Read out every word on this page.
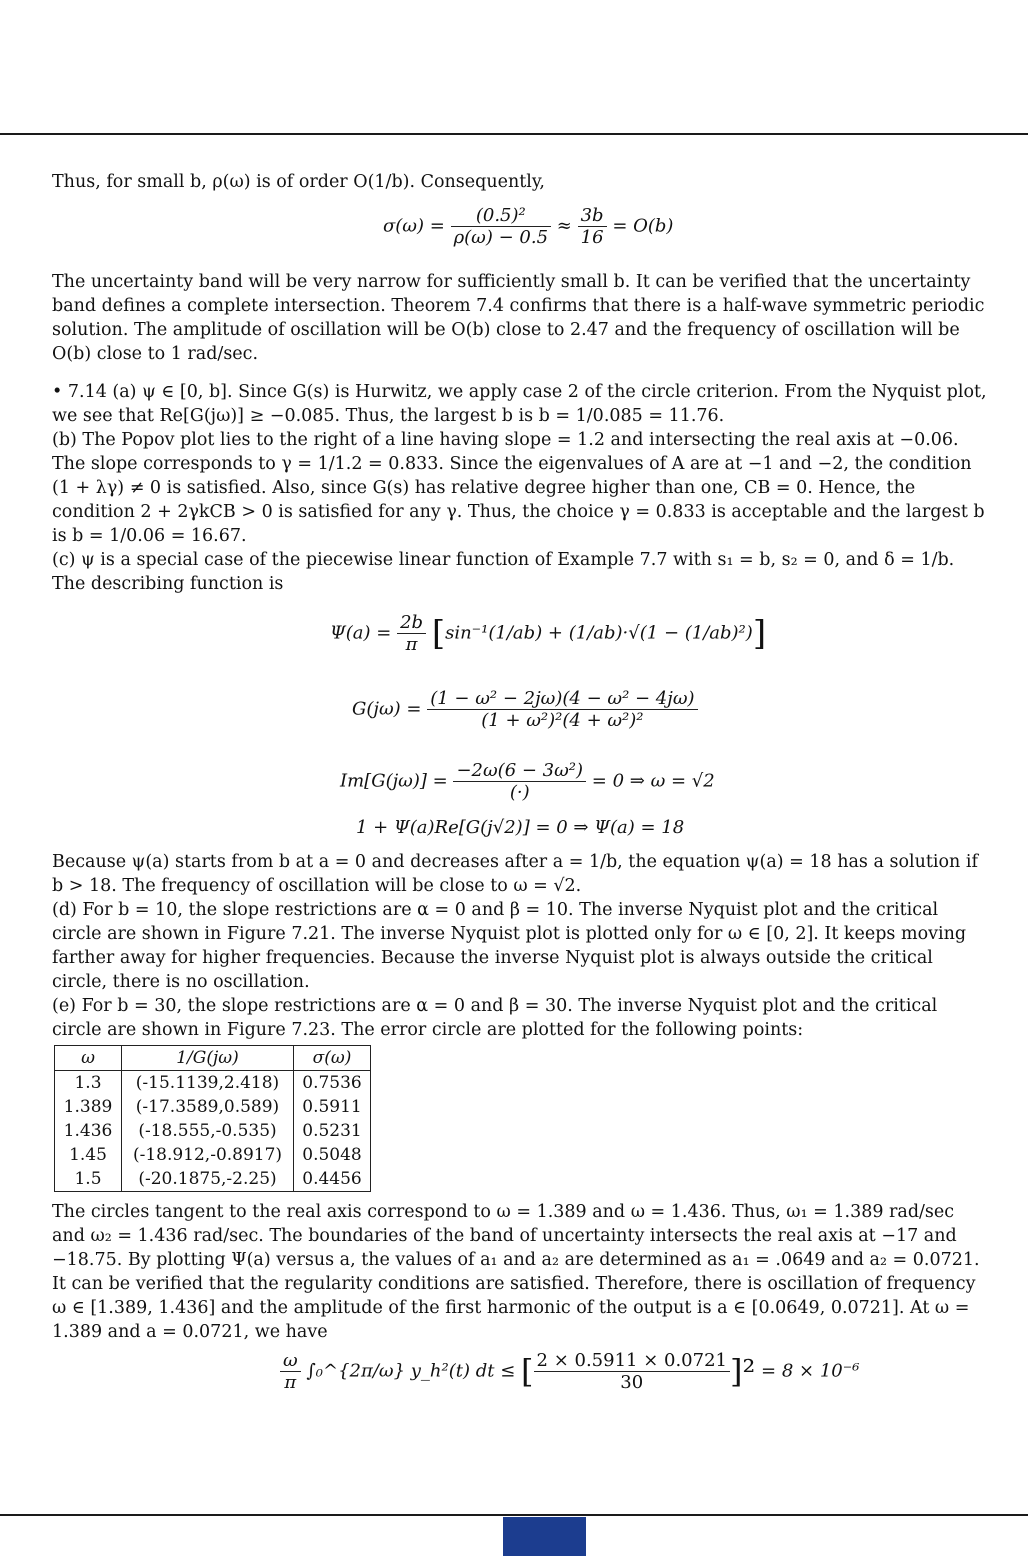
Thus, for small b, ρ(ω) is of order O(1/b). Consequently,

$\sigma(\omega) = \frac{\text{(0.5)²}}{\rho(\omega) - 0.5} \approx \frac{3b}{16} = O(b)$

The uncertainty band will be very narrow for sufficiently small b. It can be verified that the uncertainty band defines a complete intersection. Theorem 7.4 confirms that there is a half-wave symmetric periodic solution. The amplitude of oscillation will be O(b) close to 2.47 and the frequency of oscillation will be O(b) close to 1 rad/sec.

• 7.14 (a) ψ ∈ [0, b]. Since G(s) is Hurwitz, we apply case 2 of the circle criterion. From the Nyquist plot, we see that Re[G(jω)] ≥ −0.085. Thus, the largest b is b = 1/0.085 = 11.76.

(b) The Popov plot lies to the right of a line having slope = 1.2 and intersecting the real axis at −0.06. The slope corresponds to γ = 1/1.2 = 0.833. Since the eigenvalues of A are at −1 and −2, the condition (1 + λγ) ≠ 0 is satisfied. Also, since G(s) has relative degree higher than one, CB = 0. Hence, the condition 2 + 2γkCB > 0 is satisfied for any γ. Thus, the choice γ = 0.833 is acceptable and the largest b is b = 1/0.06 = 16.67.

(c) ψ is a special case of the piecewise linear function of Example 7.7 with s₁ = b, s₂ = 0, and δ = 1/b. The describing function is

$\Psi(a) = \frac{2b}{\pi} [\sin^{-1}(1/ab) + (1/ab)\cdot√(1 - (1/ab)^2)]$
$G(j\omega) = \frac{\text{(1 − ω² − 2jω)(4 − ω² − 4jω)}}{\text{(1 + ω²)²(4 + ω²)²}}$
$Im[G(j\omega)] = \frac{\text{−2ω(6 − 3ω²)}}{(\cdot)} = 0$ ⇒ ω = √2
1 + Ψ(a)Re[G(j√2)] = 0 ⇒ Ψ(a) = 18

Because ψ(a) starts from b at a = 0 and decreases after a = 1/b, the equation ψ(a) = 18 has a solution if b > 18. The frequency of oscillation will be close to ω = √2.

(d) For b = 10, the slope restrictions are α = 0 and β = 10. The inverse Nyquist plot and the critical circle are shown in Figure 7.21. The inverse Nyquist plot is plotted only for ω ∈ [0, 2]. It keeps moving farther away for higher frequencies. Because the inverse Nyquist plot is always outside the critical circle, there is no oscillation.

(e) For b = 30, the slope restrictions are α = 0 and β = 30. The inverse Nyquist plot and the critical circle are shown in Figure 7.23. The error circle are plotted for the following points:

ω	1/G(jω)	σ(ω)
1.3	(-15.1139,2.418)	0.7536
1.389	(-17.3589,0.589)	0.5911
1.436	(-18.555,-0.535)	0.5231
1.45	(-18.912,-0.8917)	0.5048
1.5	(-20.1875,-2.25)	0.4456

The circles tangent to the real axis correspond to ω = 1.389 and ω = 1.436. Thus, ω₁ = 1.389 rad/sec and ω₂ = 1.436 rad/sec. The boundaries of the band of uncertainty intersects the real axis at −17 and −18.75. By plotting Ψ(a) versus a, the values of a₁ and a₂ are determined as a₁ = .0649 and a₂ = 0.0721. It can be verified that the regularity conditions are satisfied. Therefore, there is oscillation of frequency ω ∈ [1.389, 1.436] and the amplitude of the first harmonic of the output is a ∈ [0.0649, 0.0721]. At ω = 1.389 and a = 0.0721, we have

$\frac{\omega}{\pi}$ ∫₀^{2π/ω} y_h²(t) dt ≤ [ $\frac{2 \times 0.5911 \times 0.0721}{30} ]^2 = 8 \times 10^{-6}$
